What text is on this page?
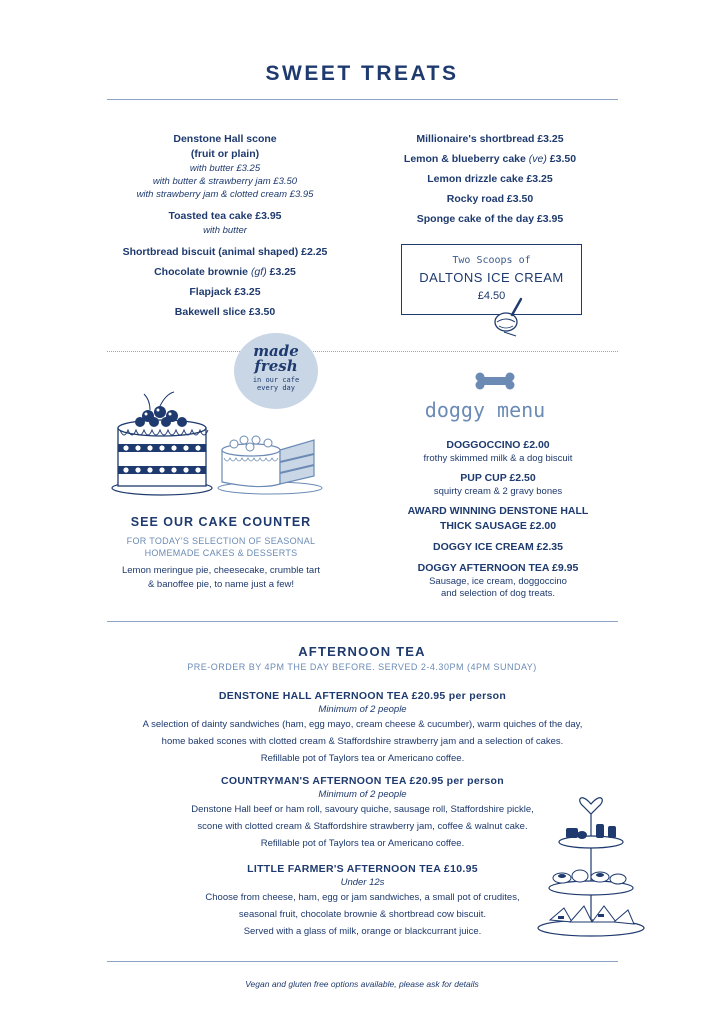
SWEET TREATS
Denstone Hall scone
(fruit or plain)
with butter £3.25
with butter & strawberry jam £3.50
with strawberry jam & clotted cream £3.95
Toasted tea cake £3.95
with butter
Shortbread biscuit (animal shaped) £2.25
Chocolate brownie (gf) £3.25
Flapjack £3.25
Bakewell slice £3.50
Millionaire's shortbread £3.25
Lemon & blueberry cake (ve) £3.50
Lemon drizzle cake £3.25
Rocky road £3.50
Sponge cake of the day £3.95
Two Scoops of
DALTONS ICE CREAM
£4.50
made
fresh
in our cafe
every day
SEE OUR CAKE COUNTER
FOR TODAY'S SELECTION OF SEASONAL
HOMEMADE CAKES & DESSERTS
Lemon meringue pie, cheesecake, crumble tart
& banoffee pie, to name just a few!
doggy menu
DOGGOCCINO £2.00
frothy skimmed milk & a dog biscuit
PUP CUP £2.50
squirty cream & 2 gravy bones
AWARD WINNING DENSTONE HALL
THICK SAUSAGE £2.00
DOGGY ICE CREAM £2.35
DOGGY AFTERNOON TEA £9.95
Sausage, ice cream, doggoccino
and selection of dog treats.
AFTERNOON TEA
PRE-ORDER BY 4PM THE DAY BEFORE. SERVED 2-4.30PM (4PM SUNDAY)
DENSTONE HALL AFTERNOON TEA £20.95 per person
Minimum of 2 people
A selection of dainty sandwiches (ham, egg mayo, cream cheese & cucumber), warm quiches of the day,
home baked scones with clotted cream & Staffordshire strawberry jam and a selection of cakes.
Refillable pot of Taylors tea or Americano coffee.
COUNTRYMAN'S AFTERNOON TEA £20.95 per person
Minimum of 2 people
Denstone Hall beef or ham roll, savoury quiche, sausage roll, Staffordshire pickle,
scone with clotted cream & Staffordshire strawberry jam, coffee & walnut cake.
Refillable pot of Taylors tea or Americano coffee.
LITTLE FARMER'S AFTERNOON TEA £10.95
Under 12s
Choose from cheese, ham, egg or jam sandwiches, a small pot of crudites,
seasonal fruit, chocolate brownie & shortbread cow biscuit.
Served with a glass of milk, orange or blackcurrant juice.
Vegan and gluten free options available, please ask for details
